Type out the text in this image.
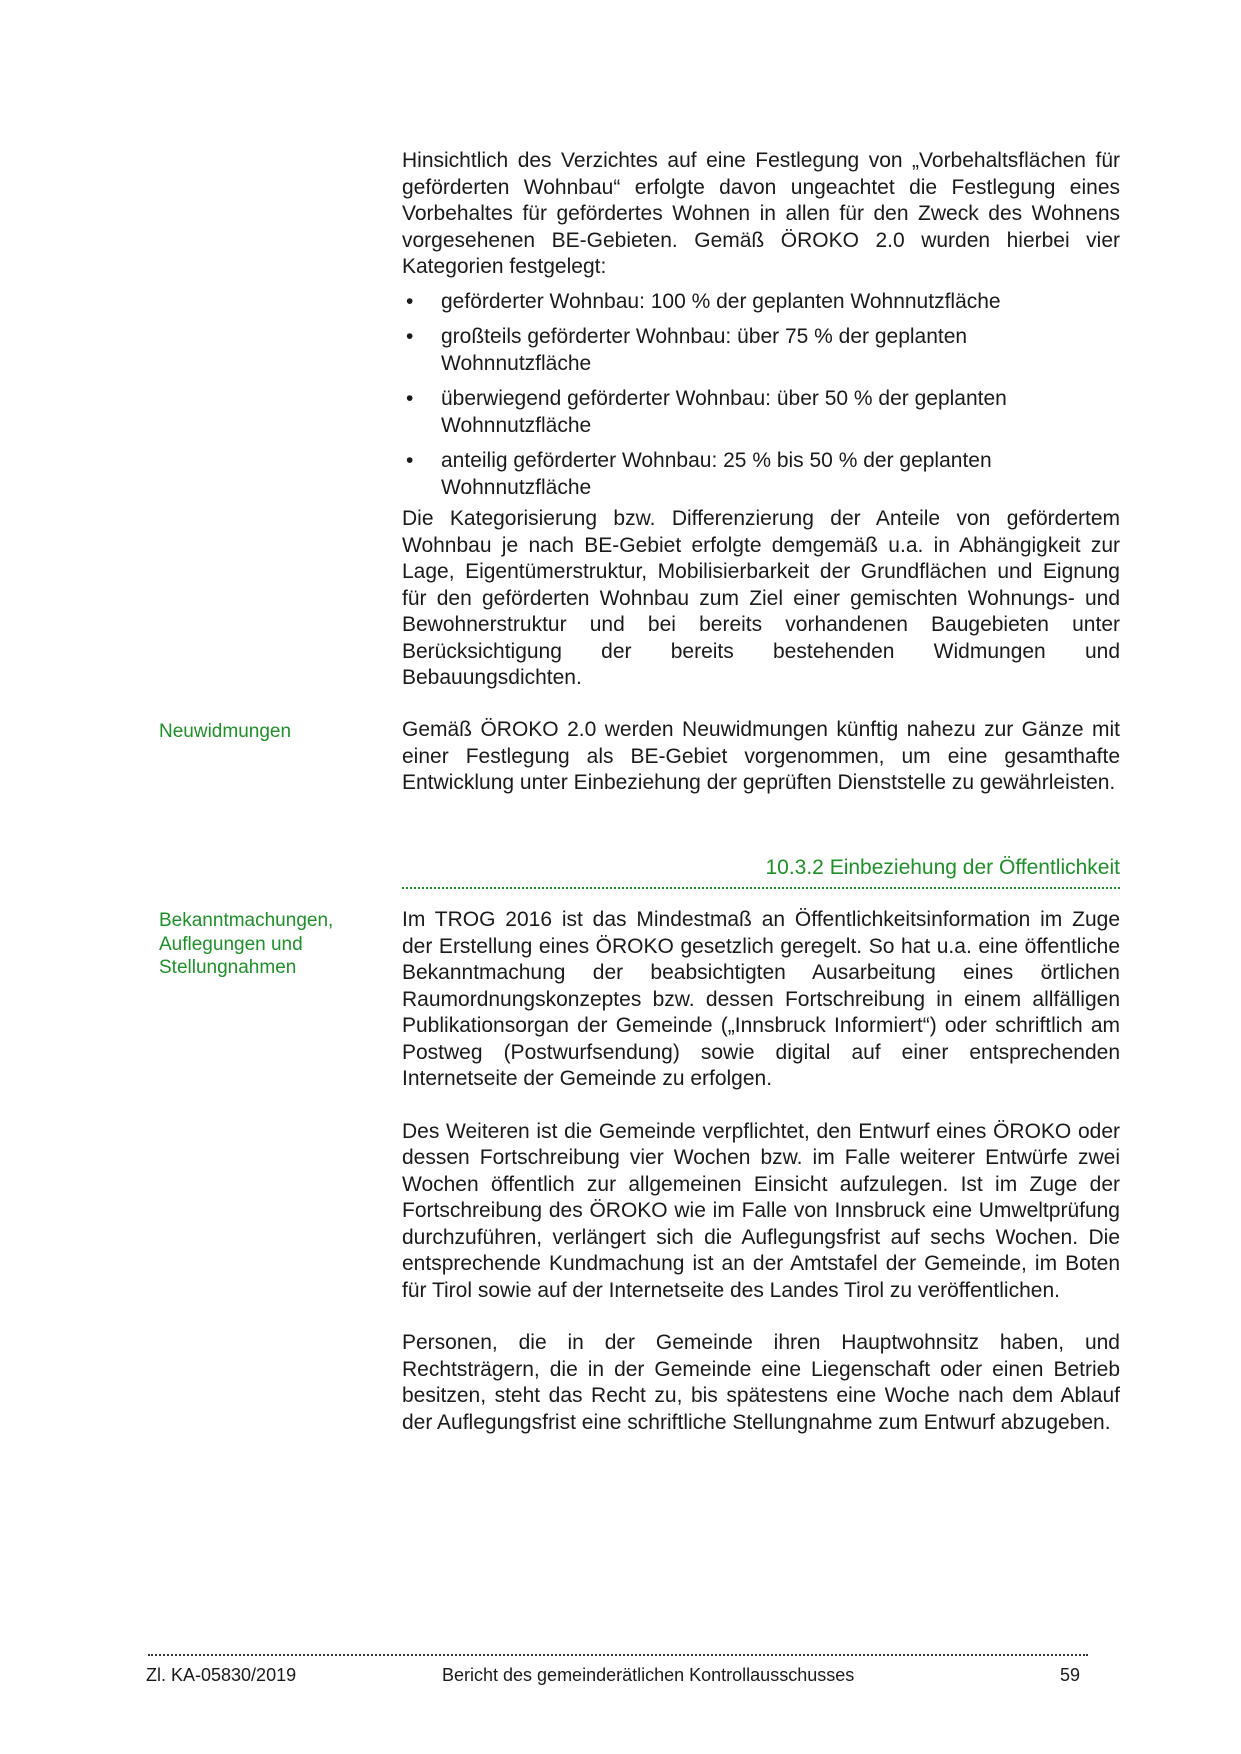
Hinsichtlich des Verzichtes auf eine Festlegung von „Vorbehaltsflächen für geförderten Wohnbau“ erfolgte davon ungeachtet die Festlegung eines Vorbehaltes für gefördertes Wohnen in allen für den Zweck des Wohnens vorgesehenen BE-Gebieten. Gemäß ÖROKO 2.0 wurden hierbei vier Kategorien festgelegt:

• geförderter Wohnbau: 100 % der geplanten Wohnnutzfläche
• großteils geförderter Wohnbau: über 75 % der geplanten Wohnnutzfläche
• überwiegend geförderter Wohnbau: über 50 % der geplanten Wohnnutzfläche
• anteilig geförderter Wohnbau: 25 % bis 50 % der geplanten Wohnnutzfläche

Die Kategorisierung bzw. Differenzierung der Anteile von gefördertem Wohnbau je nach BE-Gebiet erfolgte demgemäß u.a. in Abhängigkeit zur Lage, Eigentümerstruktur, Mobilisierbarkeit der Grundflächen und Eignung für den geförderten Wohnbau zum Ziel einer gemischten Wohnungs- und Bewohnerstruktur und bei bereits vorhandenen Baugebieten unter Berücksichtigung der bereits bestehenden Widmungen und Bebauungsdichten.

Neuwidmungen	Gemäß ÖROKO 2.0 werden Neuwidmungen künftig nahezu zur Gänze mit einer Festlegung als BE-Gebiet vorgenommen, um eine gesamthafte Entwicklung unter Einbeziehung der geprüften Dienststelle zu gewährleisten.

10.3.2 Einbeziehung der Öffentlichkeit
Bekanntmachungen, Auflegungen und Stellungnahmen

Im TROG 2016 ist das Mindestmaß an Öffentlichkeitsinformation im Zuge der Erstellung eines ÖROKO gesetzlich geregelt. So hat u.a. eine öffentliche Bekanntmachung der beabsichtigten Ausarbeitung eines örtlichen Raumordnungskonzeptes bzw. dessen Fortschreibung in einem allfälligen Publikationsorgan der Gemeinde („Innsbruck Informiert“) oder schriftlich am Postweg (Postwurfsendung) sowie digital auf einer entsprechenden Internetseite der Gemeinde zu erfolgen.

Des Weiteren ist die Gemeinde verpflichtet, den Entwurf eines ÖROKO oder dessen Fortschreibung vier Wochen bzw. im Falle weiterer Entwürfe zwei Wochen öffentlich zur allgemeinen Einsicht aufzulegen. Ist im Zuge der Fortschreibung des ÖROKO wie im Falle von Innsbruck eine Umweltprüfung durchzuführen, verlängert sich die Auflegungsfrist auf sechs Wochen. Die entsprechende Kundmachung ist an der Amtstafel der Gemeinde, im Boten für Tirol sowie auf der Internetseite des Landes Tirol zu veröffentlichen.

Personen, die in der Gemeinde ihren Hauptwohnsitz haben, und Rechtsträgern, die in der Gemeinde eine Liegenschaft oder einen Betrieb besitzen, steht das Recht zu, bis spätestens eine Woche nach dem Ablauf der Auflegungsfrist eine schriftliche Stellungnahme zum Entwurf abzugeben.

Zl. KA-05830/2019	Bericht des gemeinderätlichen Kontrollausschusses	59
